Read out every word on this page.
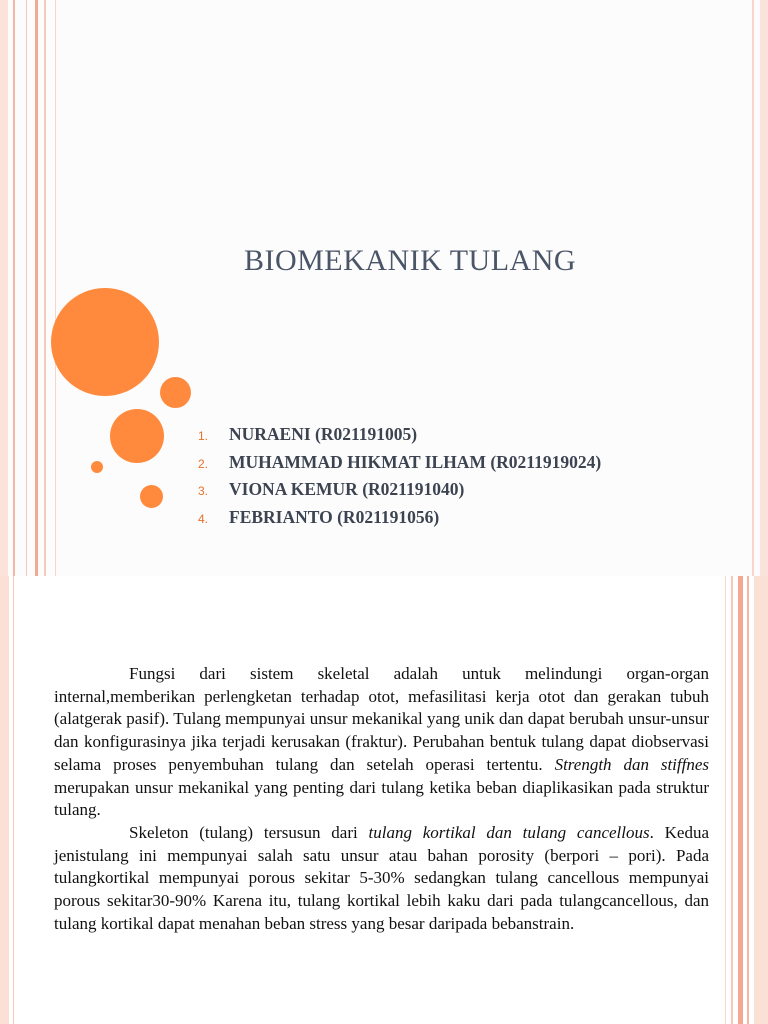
BIOMEKANIK TULANG
1. NURAENI (R021191005)
2. MUHAMMAD HIKMAT ILHAM (R0211919024)
3. VIONA KEMUR (R021191040)
4. FEBRIANTO (R021191056)

Fungsi dari sistem skeletal adalah untuk melindungi organ-organ internal,memberikan perlengketan terhadap otot, mefasilitasi kerja otot dan gerakan tubuh (alatgerak pasif). Tulang mempunyai unsur mekanikal yang unik dan dapat berubah unsur-unsur dan konfigurasinya jika terjadi kerusakan (fraktur). Perubahan bentuk tulang dapat diobservasi selama proses penyembuhan tulang dan setelah operasi tertentu. Strength dan stiffnes merupakan unsur mekanikal yang penting dari tulang ketika beban diaplikasikan pada struktur tulang.

Skeleton (tulang) tersusun dari tulang kortikal dan tulang cancellous. Kedua jenistulang ini mempunyai salah satu unsur atau bahan porosity (berpori – pori). Pada tulangkortikal mempunyai porous sekitar 5-30% sedangkan tulang cancellous mempunyai porous sekitar30-90% Karena itu, tulang kortikal lebih kaku dari pada tulangcancellous, dan tulang kortikal dapat menahan beban stress yang besar daripada bebanstrain.
